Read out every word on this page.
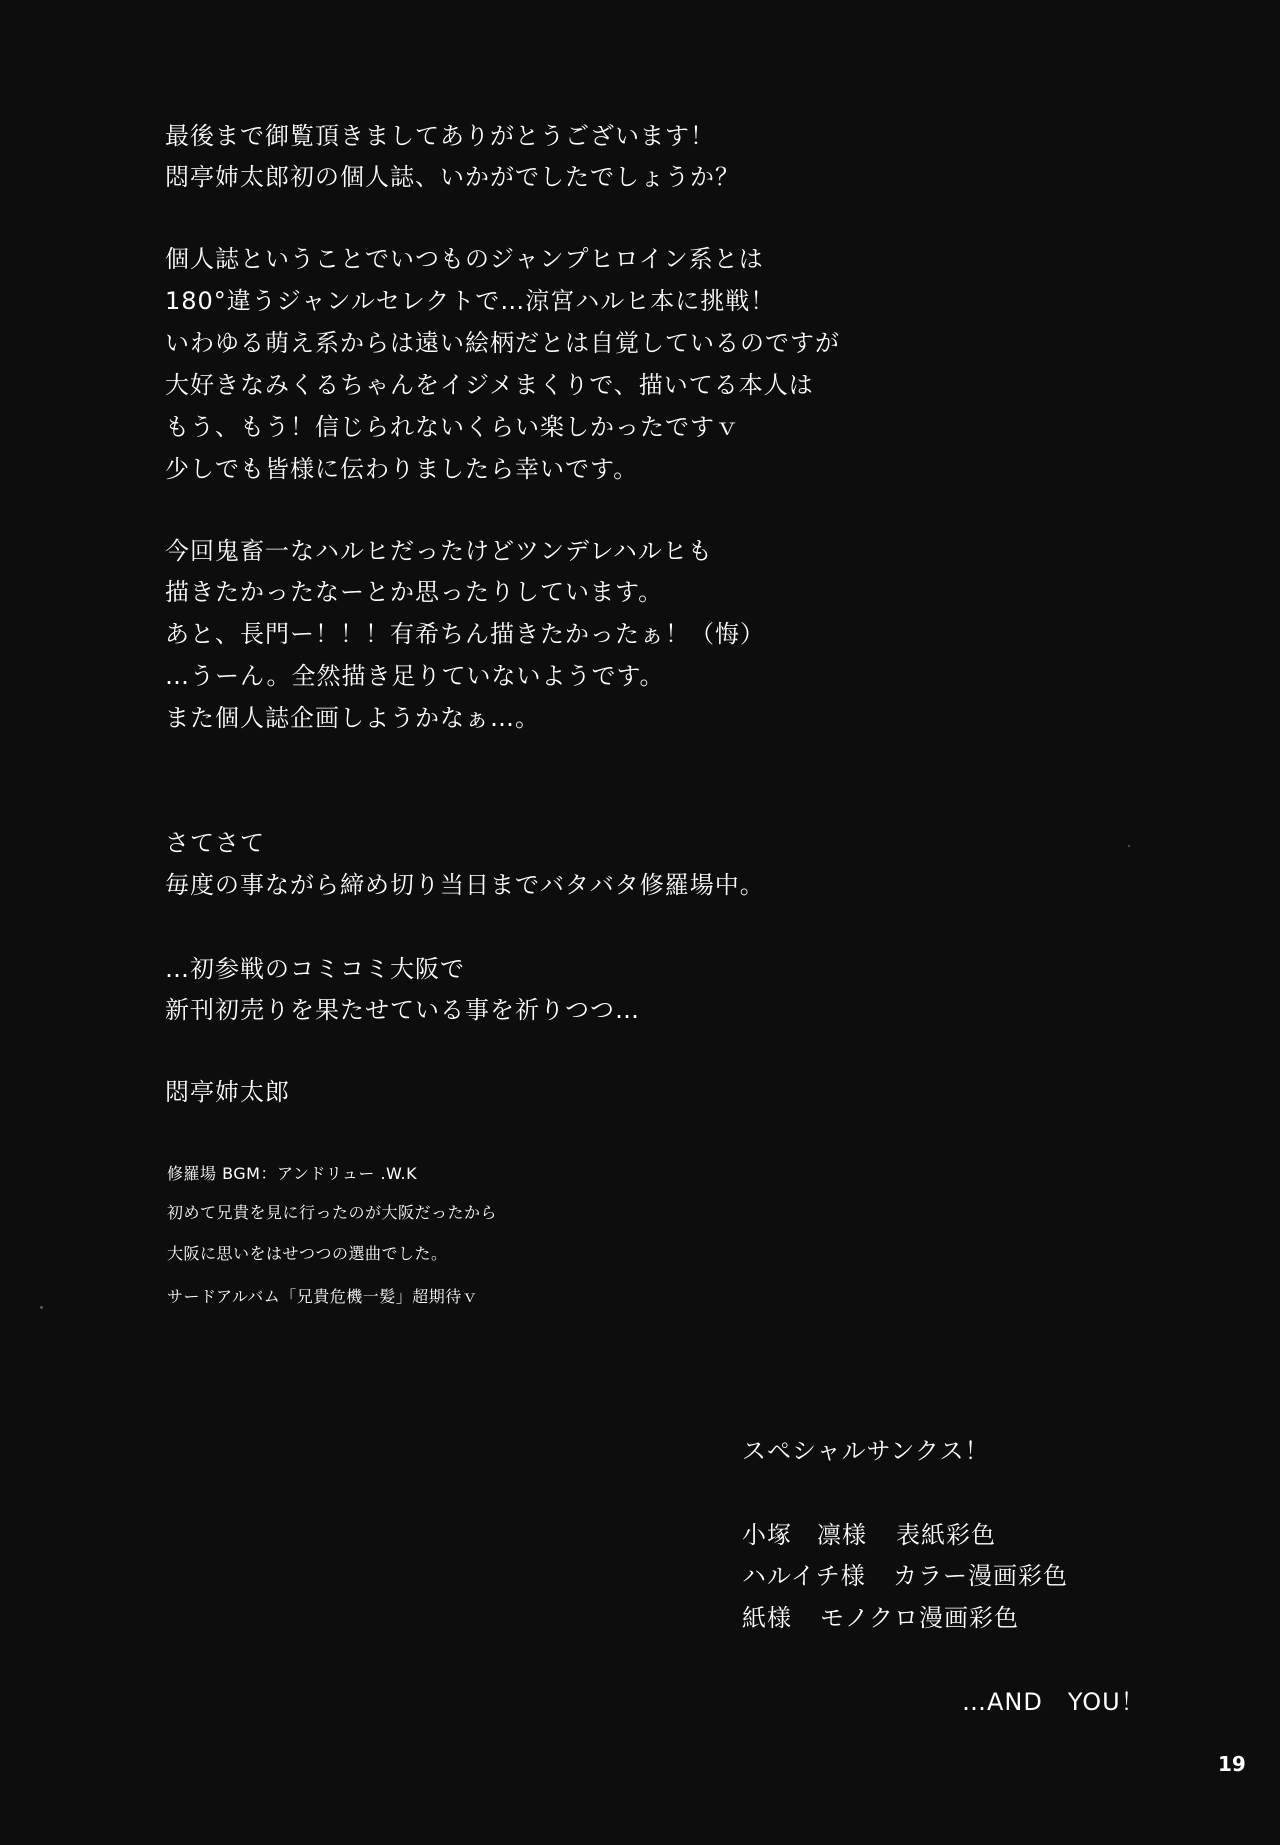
最後まで御覧頂きましてありがとうございます！
悶亭姉太郎初の個人誌、いかがでしたでしょうか？
個人誌ということでいつものジャンプヒロイン系とは
180°違うジャンルセレクトで…涼宮ハルヒ本に挑戦！
いわゆる萌え系からは遠い絵柄だとは自覚しているのですが
大好きなみくるちゃんをイジメまくりで、描いてる本人は
もう、もう！信じられないくらい楽しかったですｖ
少しでも皆様に伝わりましたら幸いです。
今回鬼畜一なハルヒだったけどツンデレハルヒも
描きたかったなーとか思ったりしています。
あと、長門ー！！！有希ちん描きたかったぁ！（悔）
…うーん。全然描き足りていないようです。
また個人誌企画しようかなぁ…。
さてさて
毎度の事ながら締め切り当日までバタバタ修羅場中。
…初参戦のコミコミ大阪で
新刊初売りを果たせている事を祈りつつ…
悶亭姉太郎
修羅場 BGM：アンドリュー .W.K
初めて兄貴を見に行ったのが大阪だったから
大阪に思いをはせつつの選曲でした。
サードアルバム「兄貴危機一髪」超期待ｖ
スペシャルサンクス！
小塚　凛様 表紙彩色
ハルイチ様 カラー漫画彩色
紙様 モノクロ漫画彩色
…AND　YOU！
19
